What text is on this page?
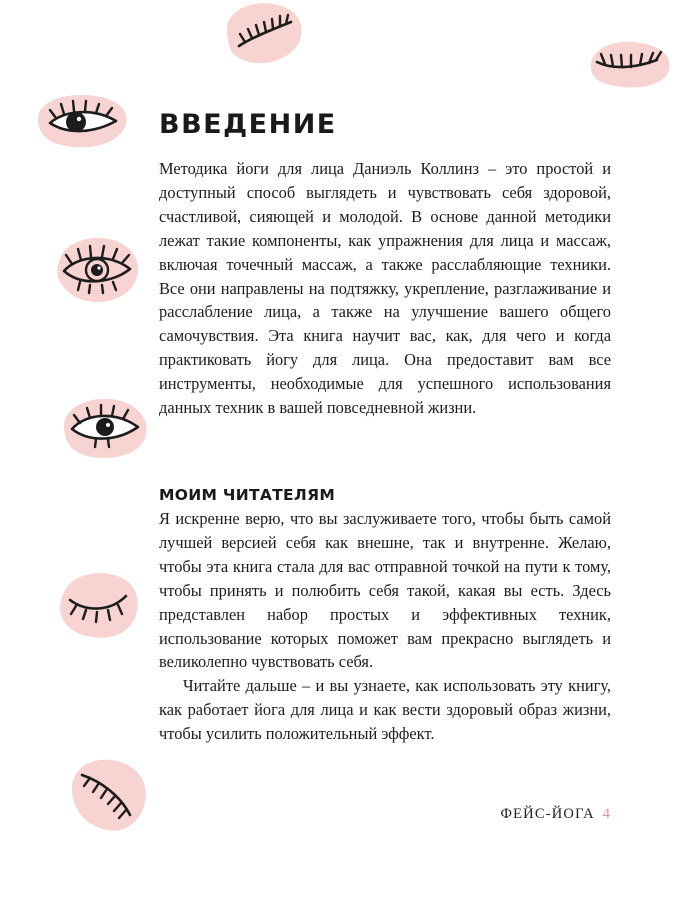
ВВЕДЕНИЕ

Методика йоги для лица Даниэль Коллинз – это простой и доступный способ выглядеть и чувствовать себя здоровой, счастливой, сияющей и молодой. В основе данной методики лежат такие компоненты, как упражнения для лица и массаж, включая точечный массаж, а также расслабляющие техники. Все они направлены на подтяжку, укрепление, разглаживание и расслабление лица, а также на улучшение вашего общего самочувствия. Эта книга научит вас, как, для чего и когда практиковать йогу для лица. Она предоставит вам все инструменты, необходимые для успешного использования данных техник в вашей повседневной жизни.

МОИМ ЧИТАТЕЛЯМ

Я искренне верю, что вы заслуживаете того, чтобы быть самой лучшей версией себя как внешне, так и внутренне. Желаю, чтобы эта книга стала для вас отправной точкой на пути к тому, чтобы принять и полюбить себя такой, какая вы есть. Здесь представлен набор простых и эффективных техник, использование которых поможет вам прекрасно выглядеть и великолепно чувствовать себя.

Читайте дальше – и вы узнаете, как использовать эту книгу, как работает йога для лица и как вести здоровый образ жизни, чтобы усилить положительный эффект.

ФЕЙС-ЙОГА 4
